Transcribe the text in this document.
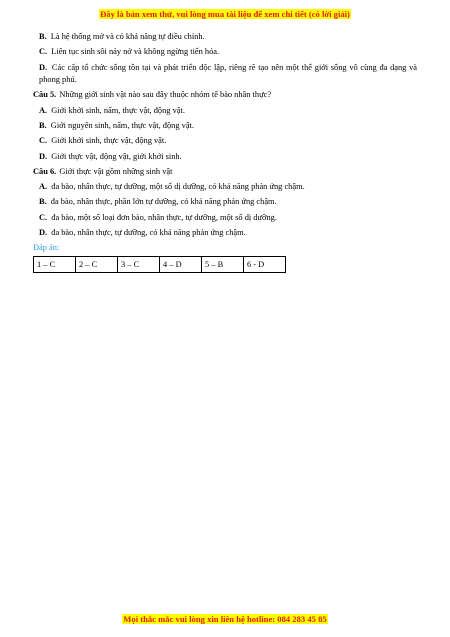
Đây là bản xem thử, vui lòng mua tài liệu để xem chi tiết (có lời giải)
B. Là hệ thống mở và có khả năng tự điều chỉnh.
C. Liên tục sinh sôi nảy nở và không ngừng tiến hóa.
D. Các cấp tổ chức sống tồn tại và phát triển độc lập, riêng rẽ tạo nên một thế giới sống vô cùng đa dạng và phong phú.
Câu 5. Những giới sinh vật nào sau đây thuộc nhóm tế bào nhân thực?
A. Giới khởi sinh, nấm, thực vật, động vật.
B. Giới nguyên sinh, nấm, thực vật, động vật.
C. Giới khởi sinh, thực vật, động vật.
D. Giới thực vật, động vật, giới khởi sinh.
Câu 6. Giới thực vật gồm những sinh vật
A. đa bào, nhân thực, tự dưỡng, một số dị dưỡng, có khả năng phản ứng chậm.
B. đa bào, nhân thực, phần lớn tự dưỡng, có khả năng phản ứng chậm.
C. đa bào, một số loại đơn bào, nhân thực, tự dưỡng, một số dị dưỡng.
D. đa bào, nhân thực, tự dưỡng, có khả năng phản ứng chậm.
Đáp án:
1 – C	2 – C	3 – C	4 – D	5 – B	6 - D
Mọi thắc mắc vui lòng xin liên hệ hotline: 084 283 45 85
